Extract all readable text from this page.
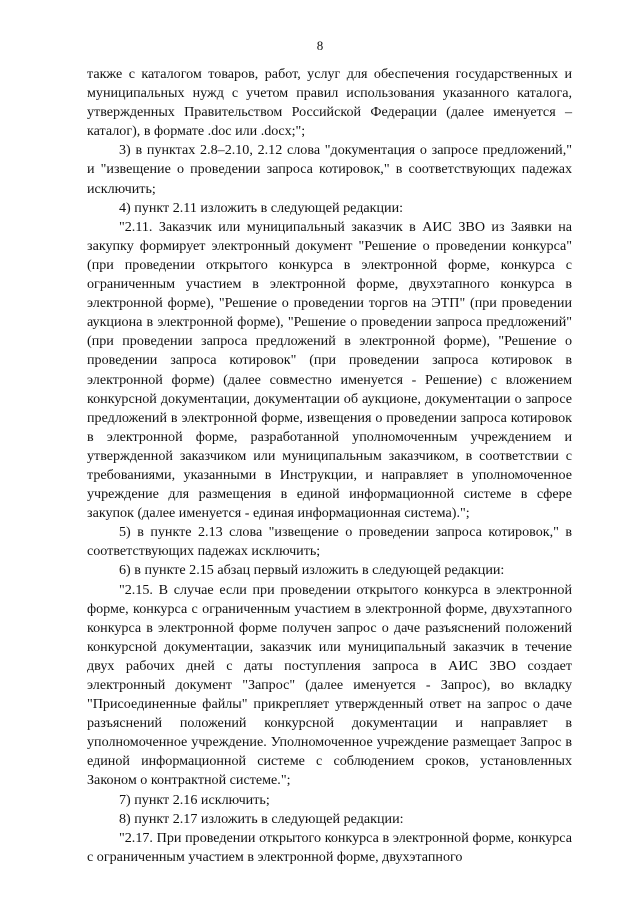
8

также с каталогом товаров, работ, услуг для обеспечения государственных и муниципальных нужд с учетом правил использования указанного каталога, утвержденных Правительством Российской Федерации (далее именуется – каталог), в формате .doc или .docx;";

3) в пунктах 2.8–2.10, 2.12 слова "документация о запросе предложений," и "извещение о проведении запроса котировок," в соответствующих падежах исключить;

4) пункт 2.11 изложить в следующей редакции:

"2.11. Заказчик или муниципальный заказчик в АИС ЗВО из Заявки на закупку формирует электронный документ "Решение о проведении конкурса" (при проведении открытого конкурса в электронной форме, конкурса с ограниченным участием в электронной форме, двухэтапного конкурса в электронной форме), "Решение о проведении торгов на ЭТП" (при проведении аукциона в электронной форме), "Решение о проведении запроса предложений" (при проведении запроса предложений в электронной форме), "Решение о проведении запроса котировок" (при проведении запроса котировок в электронной форме) (далее совместно именуется - Решение) с вложением конкурсной документации, документации об аукционе, документации о запросе предложений в электронной форме, извещения о проведении запроса котировок в электронной форме, разработанной уполномоченным учреждением и утвержденной заказчиком или муниципальным заказчиком, в соответствии с требованиями, указанными в Инструкции, и направляет в уполномоченное учреждение для размещения в единой информационной системе в сфере закупок (далее именуется - единая информационная система).";

5) в пункте 2.13 слова "извещение о проведении запроса котировок," в соответствующих падежах исключить;

6) в пункте 2.15 абзац первый изложить в следующей редакции:

"2.15. В случае если при проведении открытого конкурса в электронной форме, конкурса с ограниченным участием в электронной форме, двухэтапного конкурса в электронной форме получен запрос о даче разъяснений положений конкурсной документации, заказчик или муниципальный заказчик в течение двух рабочих дней с даты поступления запроса в АИС ЗВО создает электронный документ "Запрос" (далее именуется - Запрос), во вкладку "Присоединенные файлы" прикрепляет утвержденный ответ на запрос о даче разъяснений положений конкурсной документации и направляет в уполномоченное учреждение. Уполномоченное учреждение размещает Запрос в единой информационной системе с соблюдением сроков, установленных Законом о контрактной системе.";

7) пункт 2.16 исключить;

8) пункт 2.17 изложить в следующей редакции:

"2.17. При проведении открытого конкурса в электронной форме, конкурса с ограниченным участием в электронной форме, двухэтапного
